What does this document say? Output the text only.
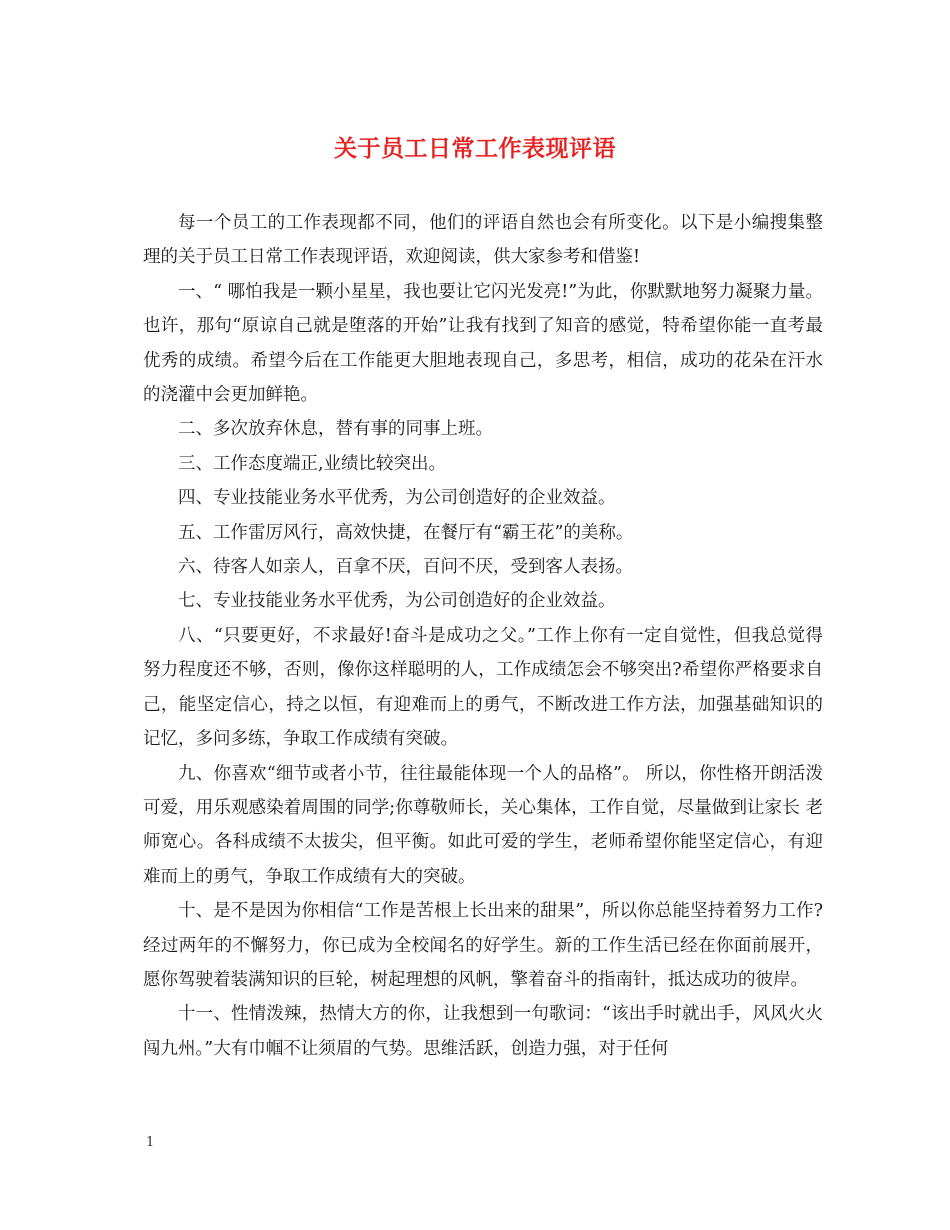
关于员工日常工作表现评语

每一个员工的工作表现都不同，他们的评语自然也会有所变化。以下是小编搜集整理的关于员工日常工作表现评语，欢迎阅读，供大家参考和借鉴!

一、“ 哪怕我是一颗小星星，我也要让它闪光发亮!”为此，你默默地努力凝聚力量。也许，那句“原谅自己就是堕落的开始”让我有找到了知音的感觉，特希望你能一直考最优秀的成绩。希望今后在工作能更大胆地表现自己，多思考，相信，成功的花朵在汗水的浇灌中会更加鲜艳。

二、多次放弃休息，替有事的同事上班。

三、工作态度端正,业绩比较突出。

四、专业技能业务水平优秀，为公司创造好的企业效益。

五、工作雷厉风行，高效快捷，在餐厅有“霸王花”的美称。

六、待客人如亲人，百拿不厌，百问不厌，受到客人表扬。

七、专业技能业务水平优秀，为公司创造好的企业效益。

八、“只要更好，不求最好!奋斗是成功之父。”工作上你有一定自觉性，但我总觉得努力程度还不够，否则，像你这样聪明的人，工作成绩怎会不够突出?希望你严格要求自己，能坚定信心，持之以恒，有迎难而上的勇气，不断改进工作方法，加强基础知识的记忆，多问多练，争取工作成绩有突破。

九、你喜欢“细节或者小节，往往最能体现一个人的品格”。 所以，你性格开朗活泼可爱，用乐观感染着周围的同学;你尊敬师长，关心集体，工作自觉，尽量做到让家长 老师宽心。各科成绩不太拔尖，但平衡。如此可爱的学生，老师希望你能坚定信心，有迎难而上的勇气，争取工作成绩有大的突破。

十、是不是因为你相信“工作是苦根上长出来的甜果”，所以你总能坚持着努力工作?经过两年的不懈努力，你已成为全校闻名的好学生。新的工作生活已经在你面前展开，愿你驾驶着装满知识的巨轮，树起理想的风帆，擎着奋斗的指南针，抵达成功的彼岸。

十一、性情泼辣，热情大方的你，让我想到一句歌词：“该出手时就出手，风风火火闯九州。”大有巾帼不让须眉的气势。思维活跃，创造力强，对于任何

1
